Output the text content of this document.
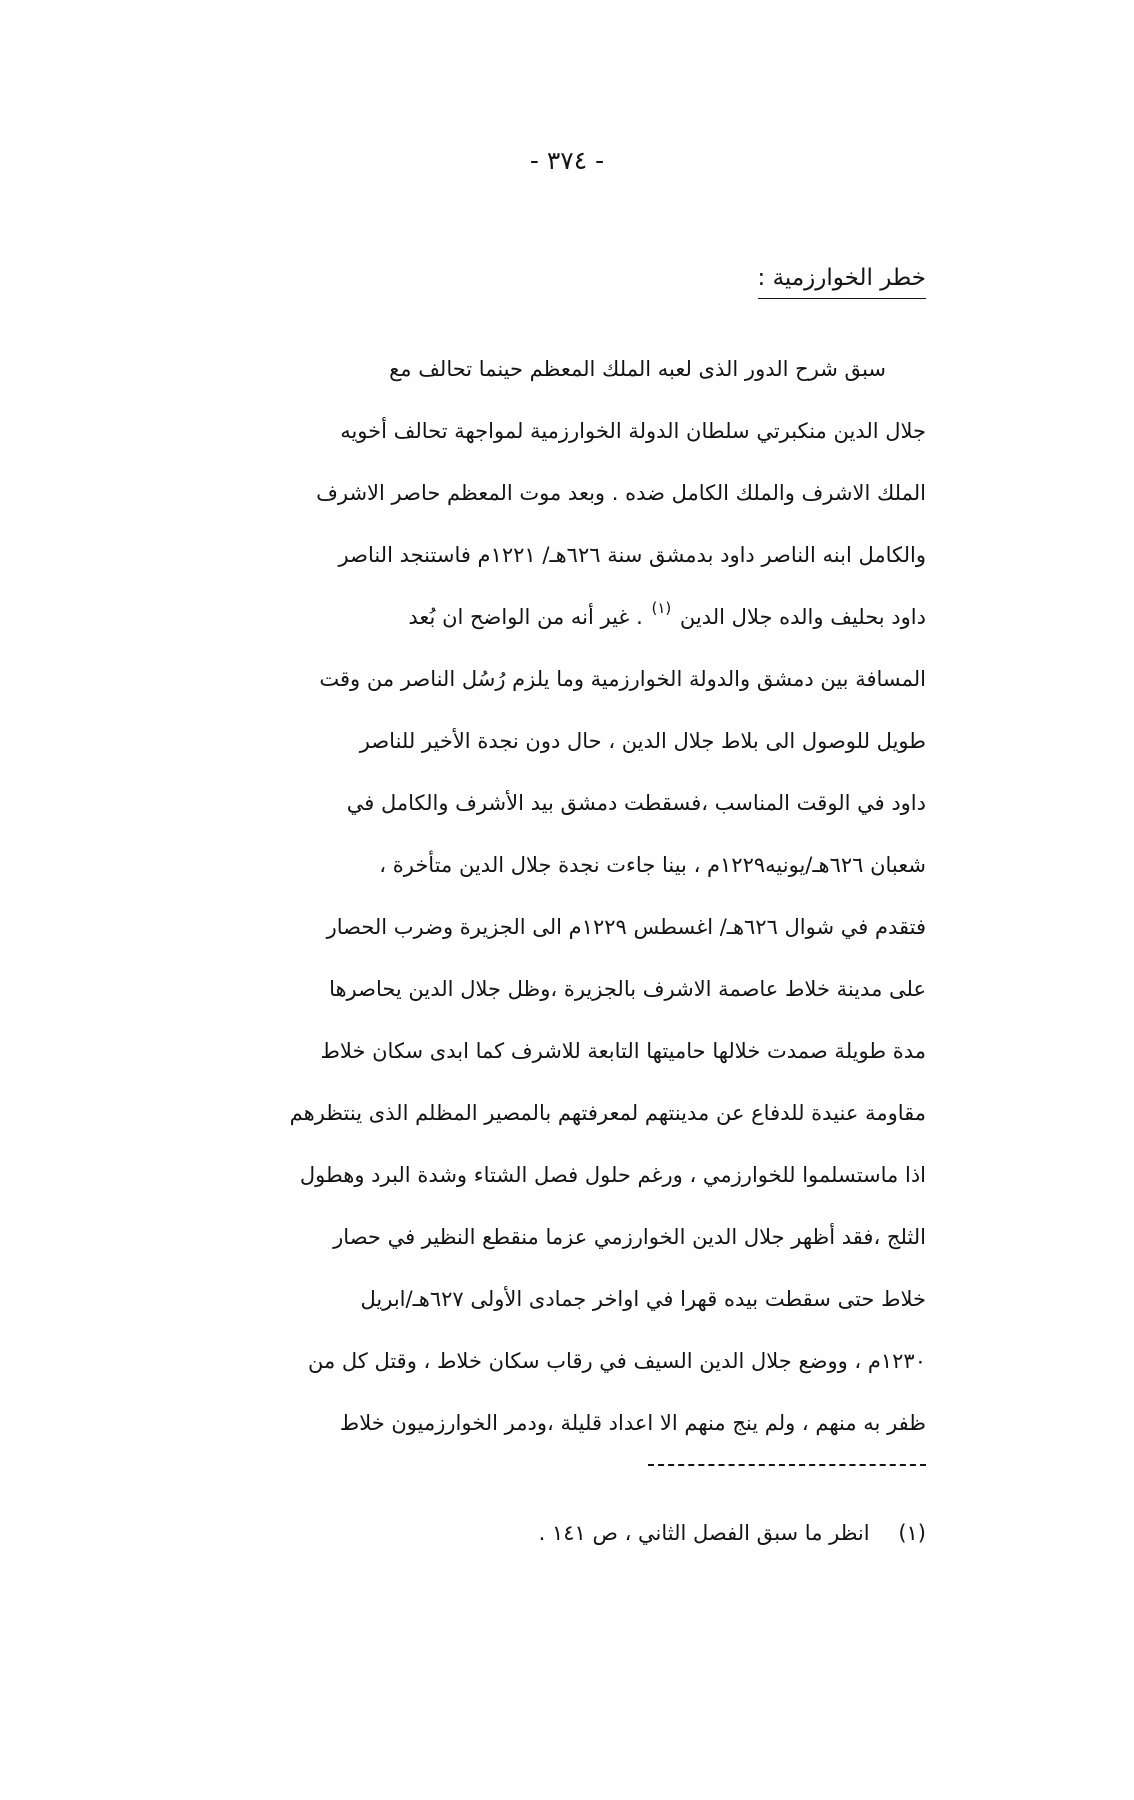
- ٣٧٤ -
خطر الخوارزمية :
سبق شرح الدور الذى لعبه الملك المعظم حينما تحالف مع
جلال الدين منكبرتي سلطان الدولة الخوارزمية لمواجهة تحالف أخويه
الملك الاشرف والملك الكامل ضده . وبعد موت المعظم حاصر الاشرف
والكامل ابنه الناصر داود بدمشق سنة ٦٢٦هـ/ ١٢٢١م فاستنجد الناصر
داود بحليف والده جلال الدين $^{(١)}$ . غير أنه من الواضح ان بُعد
المسافة بين دمشق والدولة الخوارزمية وما يلزم رُسُل الناصر من وقت
طويل للوصول الى بلاط جلال الدين ، حال دون نجدة الأخير للناصر
داود في الوقت المناسب ،فسقطت دمشق بيد الأشرف والكامل في
شعبان ٦٢٦هـ/يونيه١٢٢٩م ، بينا جاءت نجدة جلال الدين متأخرة ،
فتقدم في شوال ٦٢٦هـ/ اغسطس ١٢٢٩م الى الجزيرة وضرب الحصار
على مدينة خلاط عاصمة الاشرف بالجزيرة ،وظل جلال الدين يحاصرها
مدة طويلة صمدت خلالها حاميتها التابعة للاشرف كما ابدى سكان خلاط
مقاومة عنيدة للدفاع عن مدينتهم لمعرفتهم بالمصير المظلم الذى ينتظرهم
اذا ماستسلموا للخوارزمي ، ورغم حلول فصل الشتاء وشدة البرد وهطول
الثلج ،فقد أظهر جلال الدين الخوارزمي عزما منقطع النظير في حصار
خلاط حتى سقطت بيده قهرا في اواخر جمادى الأولى ٦٢٧هـ/ابريل
١٢٣٠م ، ووضع جلال الدين السيف في رقاب سكان خلاط ، وقتل كل من
ظفر به منهم ، ولم ينج منهم الا اعداد قليلة ،ودمر الخوارزميون خلاط
(١) انظر ما سبق الفصل الثاني ، ص ١٤١ .
